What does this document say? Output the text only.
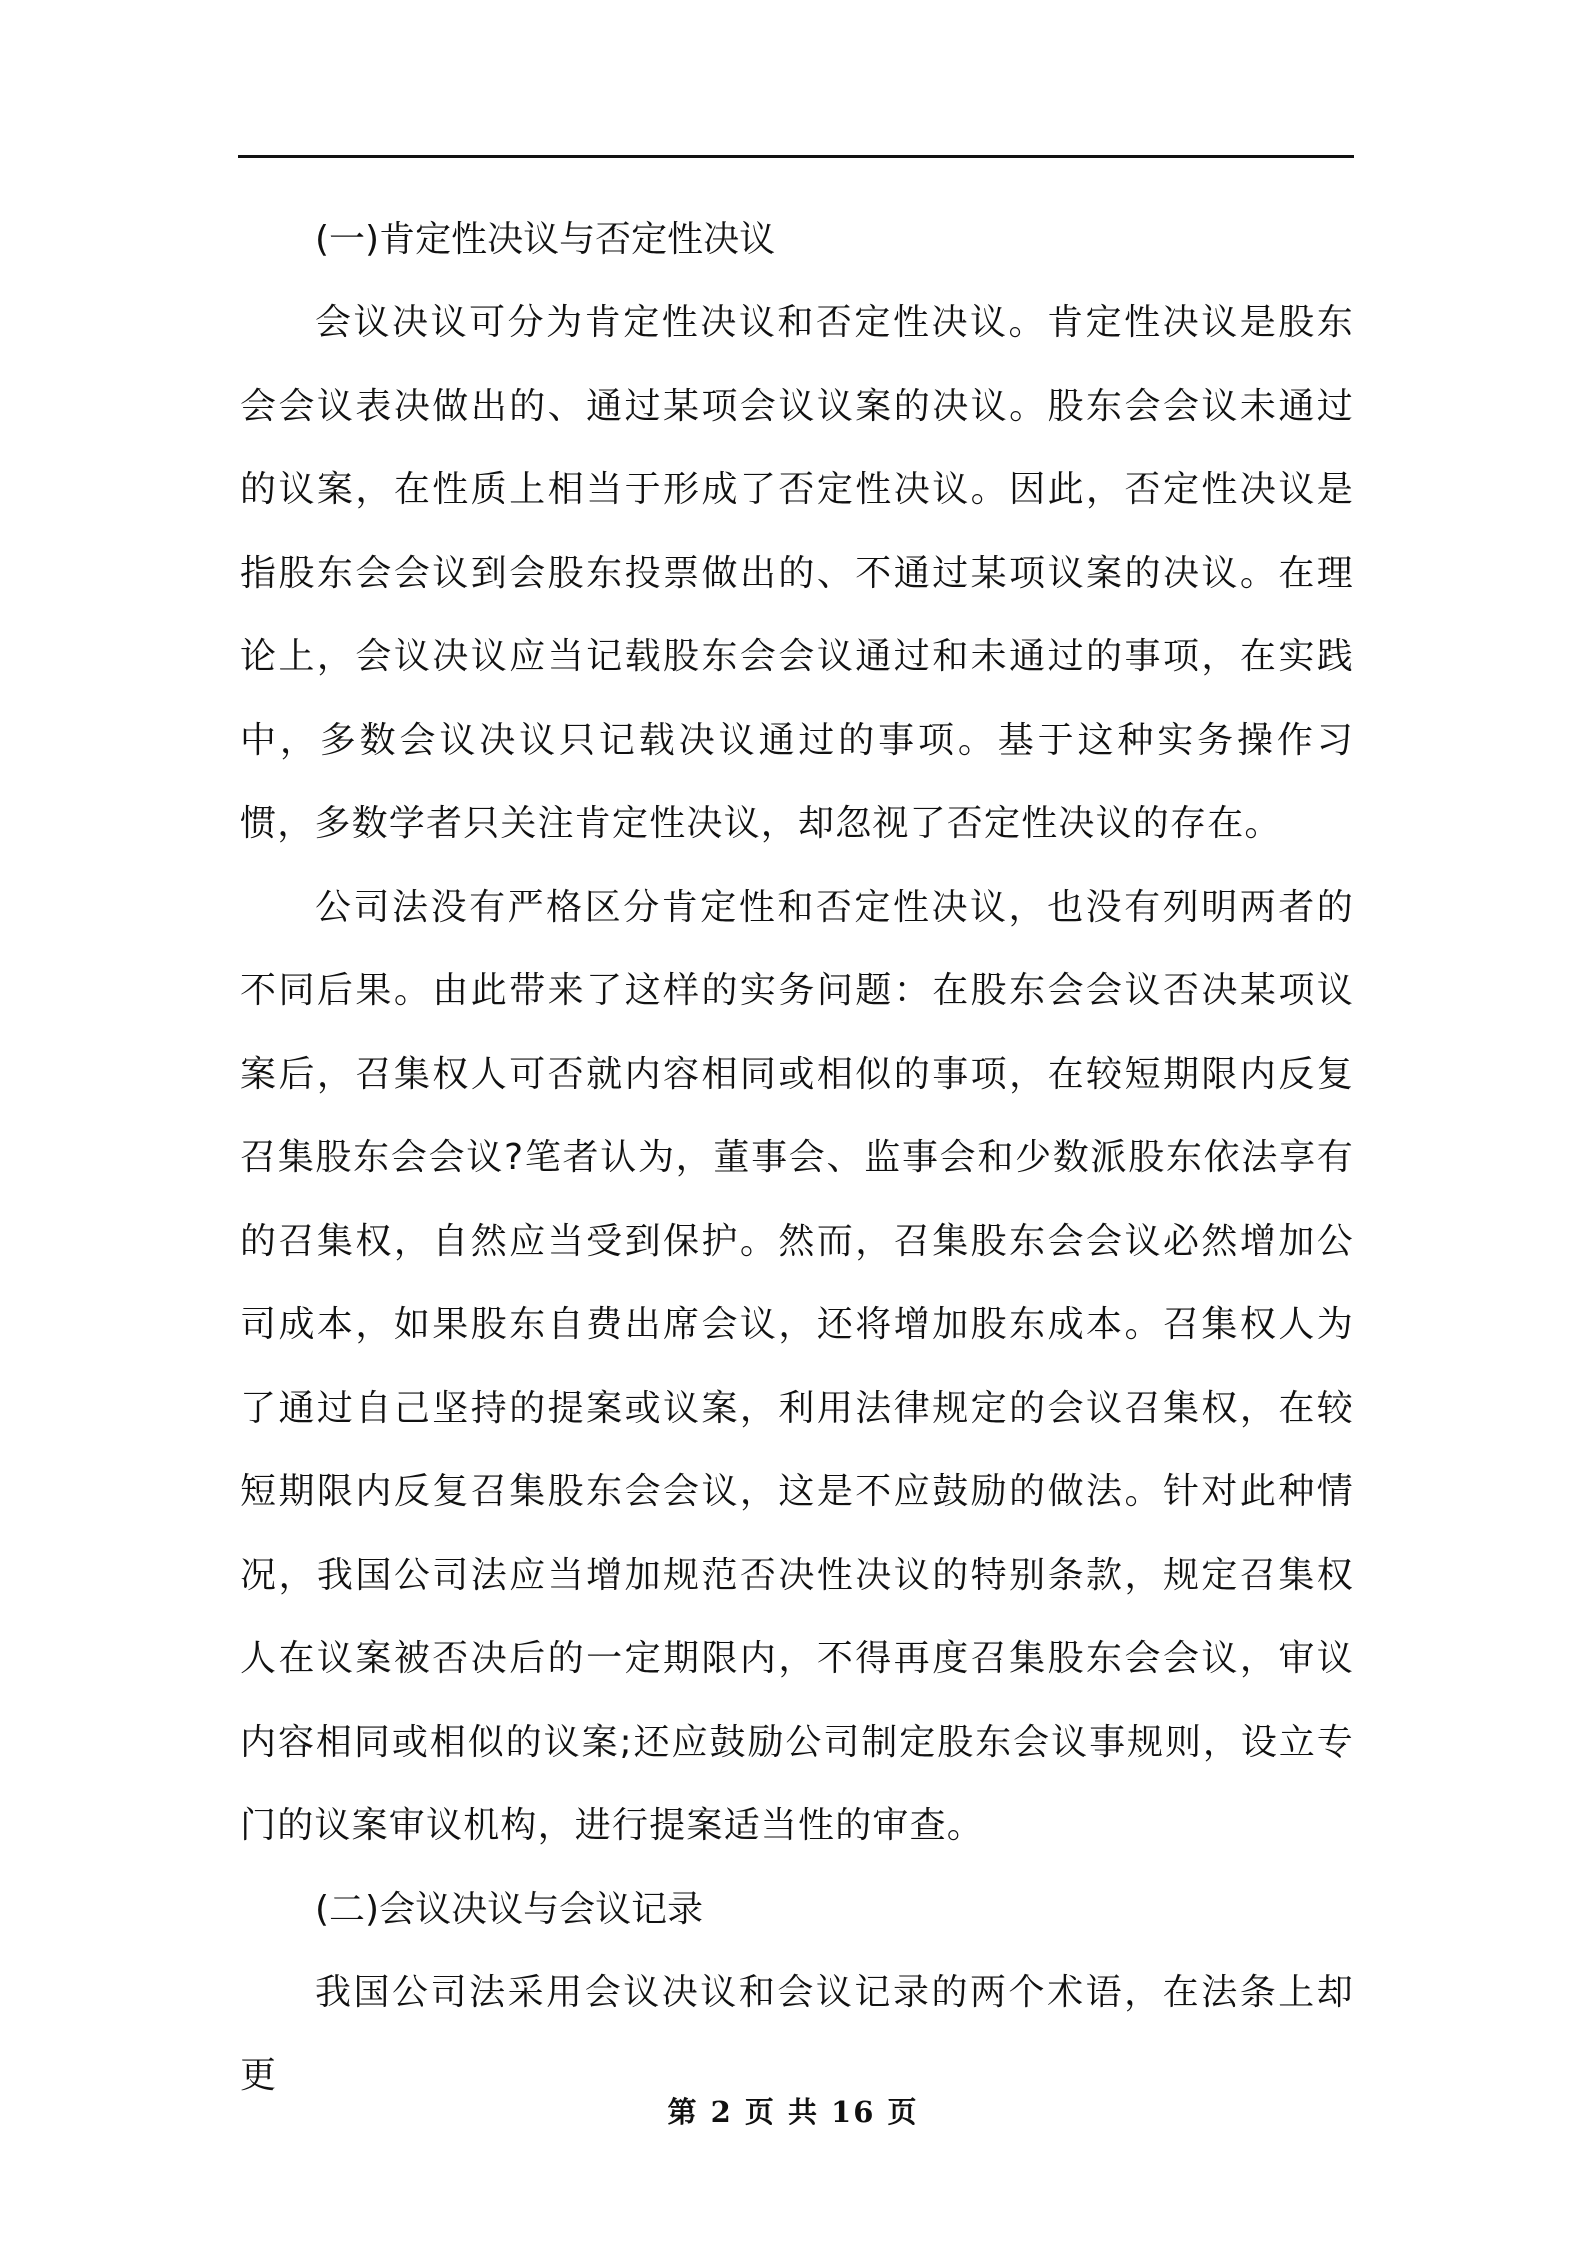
(一)肯定性决议与否定性决议

会议决议可分为肯定性决议和否定性决议。肯定性决议是股东会会议表决做出的、通过某项会议议案的决议。股东会会议未通过的议案，在性质上相当于形成了否定性决议。因此，否定性决议是指股东会会议到会股东投票做出的、不通过某项议案的决议。在理论上，会议决议应当记载股东会会议通过和未通过的事项，在实践中，多数会议决议只记载决议通过的事项。基于这种实务操作习惯，多数学者只关注肯定性决议，却忽视了否定性决议的存在。

公司法没有严格区分肯定性和否定性决议，也没有列明两者的不同后果。由此带来了这样的实务问题：在股东会会议否决某项议案后，召集权人可否就内容相同或相似的事项，在较短期限内反复召集股东会会议?笔者认为，董事会、监事会和少数派股东依法享有的召集权，自然应当受到保护。然而，召集股东会会议必然增加公司成本，如果股东自费出席会议，还将增加股东成本。召集权人为了通过自己坚持的提案或议案，利用法律规定的会议召集权，在较短期限内反复召集股东会会议，这是不应鼓励的做法。针对此种情况，我国公司法应当增加规范否决性决议的特别条款，规定召集权人在议案被否决后的一定期限内，不得再度召集股东会会议，审议内容相同或相似的议案;还应鼓励公司制定股东会议事规则，设立专门的议案审议机构，进行提案适当性的审查。

(二)会议决议与会议记录

我国公司法采用会议决议和会议记录的两个术语，在法条上却更

第 2 页 共 16 页
